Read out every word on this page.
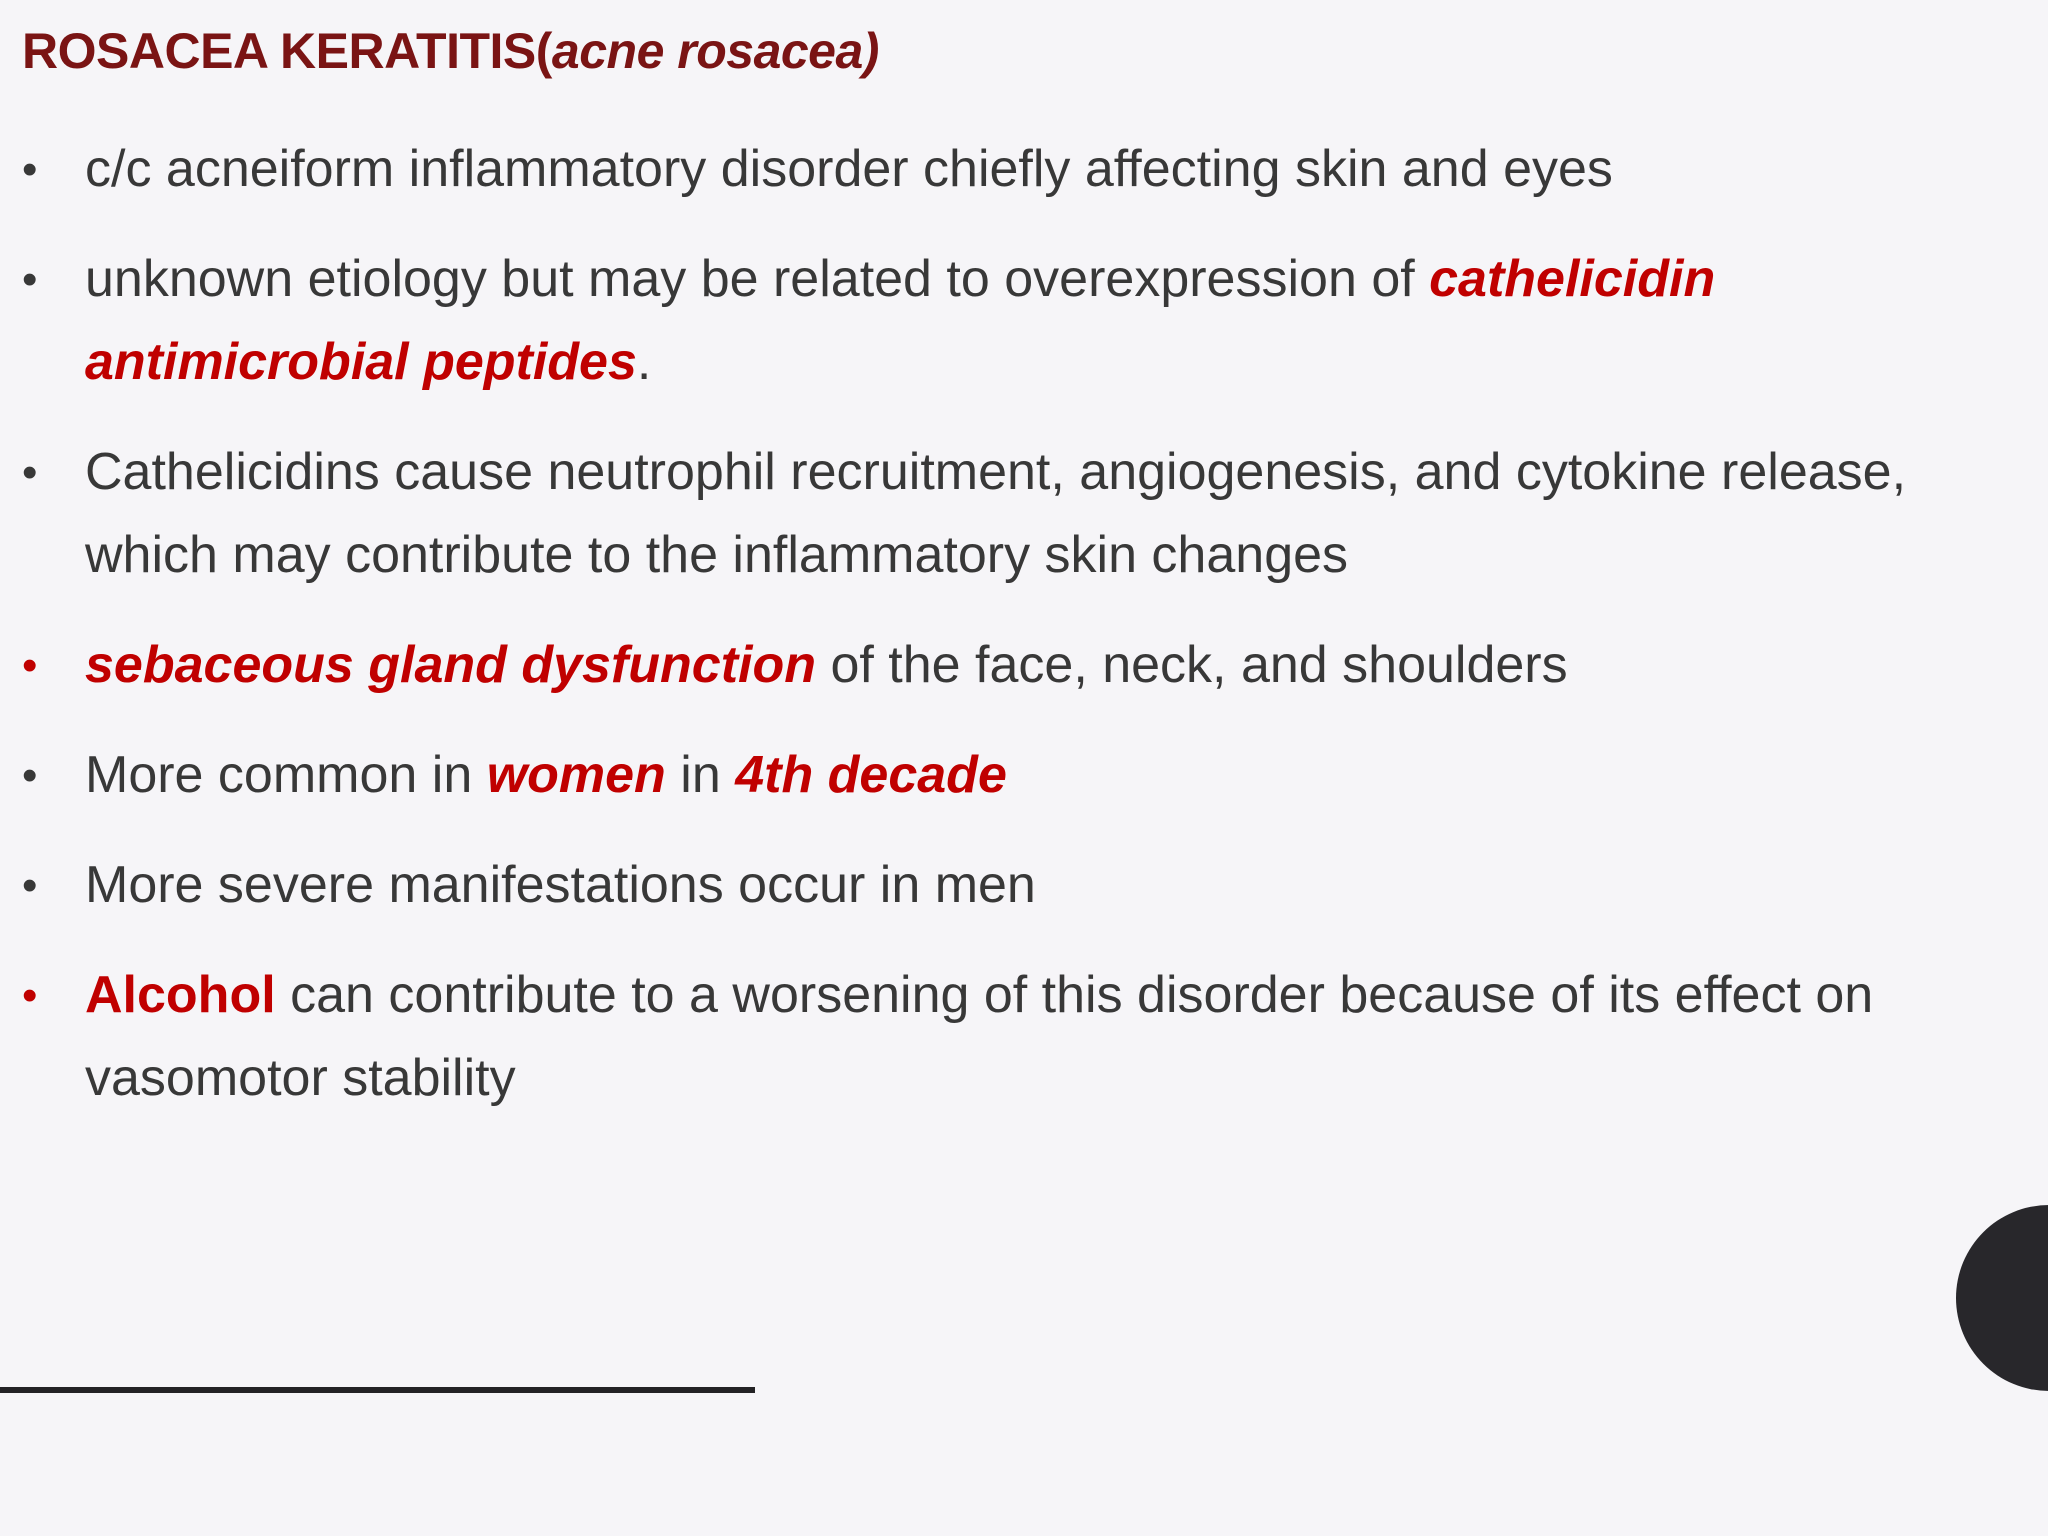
ROSACEA KERATITIS(acne rosacea)
• c/c acneiform inflammatory disorder chiefly affecting skin and eyes
• unknown etiology but may be related to overexpression of cathelicidin antimicrobial peptides.
• Cathelicidins cause neutrophil recruitment, angiogenesis, and cytokine release, which may contribute to the inflammatory skin changes
• sebaceous gland dysfunction of the face, neck, and shoulders
• More common in women in 4th decade
• More severe manifestations occur in men
• Alcohol can contribute to a worsening of this disorder because of its effect on vasomotor stability
